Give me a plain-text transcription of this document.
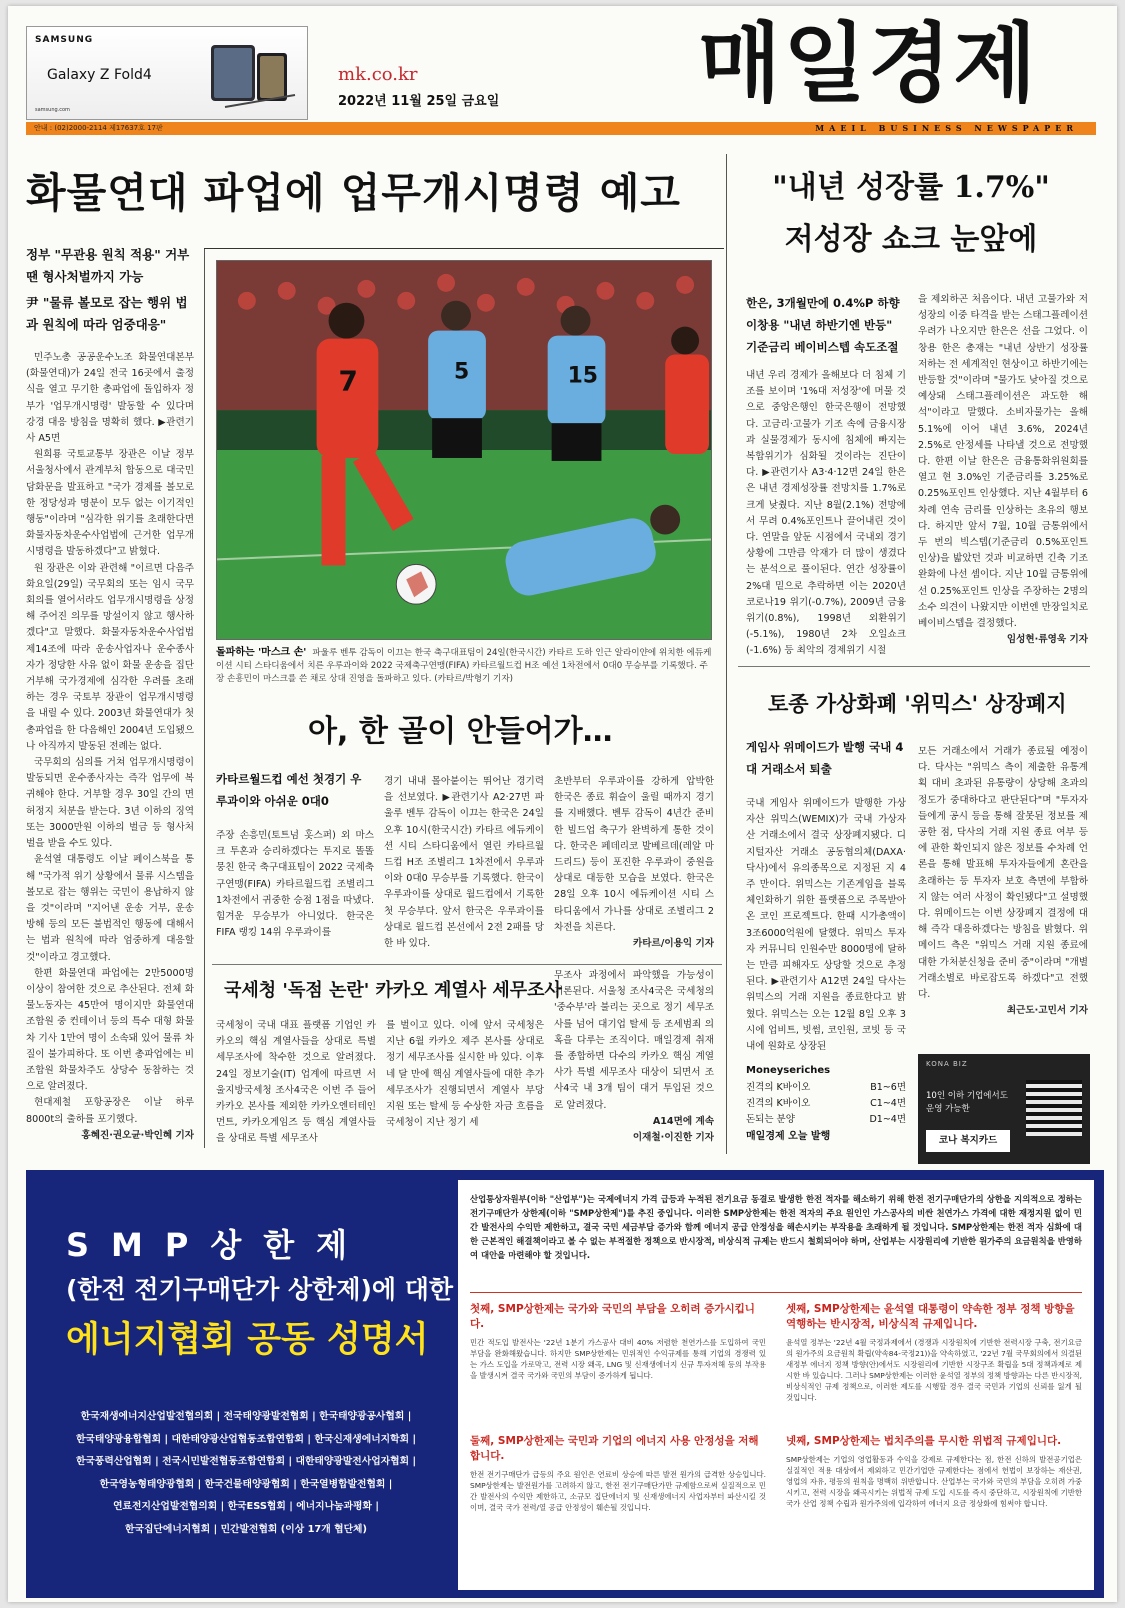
SAMSUNG
Galaxy Z Fold4
samsung.com
mk.co.kr
2022년 11월 25일 금요일 매일경제
안내 : (02)2000-2114 제17637호 17판	MAEIL BUSINESS NEWSPAPER
화물연대 파업에 업무개시명령 예고
정부 "무관용 원칙 적용" 거부땐 형사처벌까지 가능
尹 "물류 볼모로 잡는 행위 법과 원칙에 따라 엄중대응"

민주노총 공공운수노조 화물연대본부(화물연대)가 24일 전국 16곳에서 출정식을 열고 무기한 총파업에 돌입하자 정부가 '업무개시명령' 발동할 수 있다며 강경 대응 방침을 명확히 했다. ▶관련기사 A5면

원희룡 국토교통부 장관은 이날 정부서울청사에서 관계부처 합동으로 대국민 담화문을 발표하고 "국가 경제를 볼모로 한 정당성과 명분이 모두 없는 이기적인 행동"이라며 "심각한 위기를 초래한다면 화물자동차운수사업법에 근거한 업무개시명령을 발동하겠다"고 밝혔다.

원 장관은 이와 관련해 "이르면 다음주 화요일(29일) 국무회의 또는 임시 국무회의를 열어서라도 업무개시명령을 상정해 주어진 의무를 망설이지 않고 행사하겠다"고 말했다. 화물자동차운수사업법 제14조에 따라 운송사업자나 운수종사자가 정당한 사유 없이 화물 운송을 집단 거부해 국가경제에 심각한 우려를 초래하는 경우 국토부 장관이 업무개시명령을 내릴 수 있다. 2003년 화물연대가 첫 총파업을 한 다음해인 2004년 도입됐으나 아직까지 발동된 전례는 없다.

국무회의 심의를 거쳐 업무개시명령이 발동되면 운수종사자는 즉각 업무에 복귀해야 한다. 거부할 경우 30일 간의 면허정지 처분을 받는다. 3년 이하의 징역 또는 3000만원 이하의 벌금 등 형사처벌을 받을 수도 있다.

윤석열 대통령도 이날 페이스북을 통해 "국가적 위기 상황에서 물류 시스템을 볼모로 잡는 행위는 국민이 용납하지 않을 것"이라며 "지어낸 운송 거부, 운송 방해 등의 모든 불법적인 행동에 대해서는 법과 원칙에 따라 엄중하게 대응할 것"이라고 경고했다.

한편 화물연대 파업에는 2만5000명 이상이 참여한 것으로 추산된다. 전체 화물노동자는 45만여 명이지만 화물연대 조합원 중 컨테이너 등의 특수 대형 화물차 기사 1만여 명이 소속돼 있어 물류 차질이 불가피하다. 또 이번 총파업에는 비조합원 화물차주도 상당수 동참하는 것으로 알려졌다.

현대제철 포항공장은 이날 하루 8000t의 출하를 포기했다.

홍혜진·권오균·박인혜 기자
7	5	15
돌파하는 '마스크 손' 파울루 벤투 감독이 이끄는 한국 축구대표팀이 24일(한국시간) 카타르 도하 인근 알라이얀에 위치한 에듀케이션 시티 스타디움에서 치른 우루과이와 2022 국제축구연맹(FIFA) 카타르월드컵 H조 예선 1차전에서 0대0 무승부를 기록했다. 주장 손흥민이 마스크를 쓴 채로 상대 진영을 돌파하고 있다. (카타르/박형기 기자)
아, 한 골이 안들어가…
카타르월드컵 예선 첫경기 우루과이와 아쉬운 0대0
주장 손흥민(토트넘 홋스퍼) 외 마스크 투혼과 승리하겠다는 투지로 똘똘 뭉친 한국 축구대표팀이 2022 국제축구연맹(FIFA) 카타르월드컵 조별리그 1차전에서 귀중한 승점 1점을 따냈다. 힘겨운 무승부가 아니었다. 한국은 FIFA 랭킹 14위 우루과이를
경기 내내 몰아붙이는 뛰어난 경기력을 선보였다. ▶관련기사 A2·27면 파울루 벤투 감독이 이끄는 한국은 24일 오후 10시(한국시간) 카타르 에듀케이션 시티 스타디움에서 열린 카타르월드컵 H조 조별리그 1차전에서 우루과이와 0대0 무승부를 기록했다. 한국이 우루과이를 상대로 월드컵에서 기록한 첫 무승부다. 앞서 한국은 우루과이를 상대로 월드컵 본선에서 2전 2패를 당한 바 있다.
초반부터 우루과이를 강하게 압박한 한국은 종료 휘슬이 울릴 때까지 경기를 지배했다. 벤투 감독이 4년간 준비한 빌드업 축구가 완벽하게 통한 것이다. 한국은 페데리코 발베르데(레알 마드리드) 등이 포진한 우루과이 중원을 상대로 대등한 모습을 보였다. 한국은 28일 오후 10시 에듀케이션 시티 스타디움에서 가나를 상대로 조별리그 2차전을 치른다.
카타르/이용익 기자
국세청 '독점 논란' 카카오 계열사 세무조사
국세청이 국내 대표 플랫폼 기업인 카카오의 핵심 계열사들을 상대로 특별 세무조사에 착수한 것으로 알려졌다. 24일 정보기술(IT) 업계에 따르면 서울지방국세청 조사4국은 이번 주 들어 카카오 본사를 제외한 카카오엔터테인먼트, 카카오게임즈 등 핵심 계열사들을 상대로 특별 세무조사
를 벌이고 있다. 이에 앞서 국세청은 지난 6월 카카오 제주 본사를 상대로 정기 세무조사를 실시한 바 있다. 이후 네 달 만에 핵심 계열사들에 대한 추가 세무조사가 진행되면서 계열사 부당 지원 또는 탈세 등 수상한 자금 흐름을 국세청이 지난 정기 세
무조사 과정에서 파악했을 가능성이 거론된다. 서울청 조사4국은 국세청의 '중수부'라 불리는 곳으로 정기 세무조사를 넘어 대기업 탈세 등 조세범죄 의혹을 다루는 조직이다. 매일경제 취재를 종합하면 다수의 카카오 핵심 계열사가 특별 세무조사 대상이 되면서 조사4국 내 3개 팀이 대거 투입된 것으로 알려졌다.
A14면에 계속
이재철·이진한 기자
"내년 성장률 1.7%"
저성장 쇼크 눈앞에
한은, 3개월만에 0.4%P 하향 이창용 "내년 하반기엔 반등" 기준금리 베이비스텝 속도조절
내년 우리 경제가 올해보다 더 침체 기조를 보이며 '1%대 저성장'에 머물 것으로 중앙은행인 한국은행이 전망했다. 고금리·고물가 기조 속에 금융시장과 실물경제가 동시에 침체에 빠지는 복합위기가 심화될 것이라는 진단이다. ▶관련기사 A3·4·12면 24일 한은은 내년 경제성장률 전망치를 1.7%로 크게 낮췄다. 지난 8월(2.1%) 전망에서 무려 0.4%포인트나 끌어내린 것이다. 연말을 앞둔 시점에서 국내외 경기 상황에 그만큼 악재가 더 많이 생겼다는 분석으로 풀이된다. 연간 성장률이 2%대 밑으로 추락하면 이는 2020년 코로나19 위기(-0.7%), 2009년 금융위기(0.8%), 1998년 외환위기(-5.1%), 1980년 2차 오일쇼크(-1.6%) 등 최악의 경제위기 시절
을 제외하곤 처음이다. 내년 고물가와 저성장의 이중 타격을 받는 스태그플레이션 우려가 나오지만 한은은 선을 그었다. 이창용 한은 총재는 "내년 상반기 성장률 저하는 전 세계적인 현상이고 하반기에는 반등할 것"이라며 "물가도 낮아질 것으로 예상돼 스태그플레이션은 과도한 해석"이라고 말했다. 소비자물가는 올해 5.1%에 이어 내년 3.6%, 2024년 2.5%로 안정세를 나타낼 것으로 전망했다. 한편 이날 한은은 금융통화위원회를 열고 현 3.0%인 기준금리를 3.25%로 0.25%포인트 인상했다. 지난 4월부터 6차례 연속 금리를 인상하는 초유의 행보다. 하지만 앞서 7월, 10월 금통위에서 두 번의 빅스텝(기준금리 0.5%포인트 인상)을 밟았던 것과 비교하면 긴축 기조 완화에 나선 셈이다. 지난 10월 금통위에선 0.25%포인트 인상을 주장하는 2명의 소수 의견이 나왔지만 이번엔 만장일치로 베이비스텝을 결정했다.
임성현·류영욱 기자
토종 가상화폐 '위믹스' 상장폐지
게임사 위메이드가 발행 국내 4대 거래소서 퇴출
국내 게임사 위메이드가 발행한 가상자산 위믹스(WEMIX)가 국내 가상자산 거래소에서 결국 상장폐지됐다. 디지털자산 거래소 공동협의체(DAXA·닥사)에서 유의종목으로 지정된 지 4주 만이다. 위믹스는 기존게임을 블록체인화하기 위한 플랫폼으로 주목받아온 코인 프로젝트다. 한때 시가총액이 3조6000억원에 달했다. 위믹스 투자자 커뮤니티 인원수만 8000명에 달하는 만큼 피해자도 상당할 것으로 추정된다. ▶관련기사 A12면 24일 닥사는 위믹스의 거래 지원을 종료한다고 밝혔다. 위믹스는 오는 12월 8일 오후 3시에 업비트, 빗썸, 코인원, 코빗 등 국내에 원화로 상장된
모든 거래소에서 거래가 종료될 예정이다. 닥사는 "위믹스 측이 제출한 유통계획 대비 초과된 유통량이 상당해 초과의 정도가 중대하다고 판단된다"며 "투자자들에게 공시 등을 통해 잘못된 정보를 제공한 점, 닥사의 거래 지원 종료 여부 등에 관한 확인되지 않은 정보를 수차례 언론을 통해 발표해 투자자들에게 혼란을 초래하는 등 투자자 보호 측면에 부합하지 않는 여러 사정이 확인됐다"고 설명했다. 위메이드는 이번 상장폐지 결정에 대해 즉각 대응하겠다는 방침을 밝혔다. 위메이드 측은 "위믹스 거래 지원 종료에 대한 가처분신청을 준비 중"이라며 "개별 거래소별로 바로잡도록 하겠다"고 전했다.
최근도·고민서 기자
Moneyseriches
진격의 K바이오	B1~6면
진격의 K바이오	C1~4면
돈되는 분양	D1~4면
매일경제 오늘 발행
KONA BIZ
10인 이하 기업에서도 운영 가능한
코나 복지카드
SMP상한제
(한전 전기구매단가 상한제)에 대한
에너지협회 공동 성명서
한국재생에너지산업발전협의회 | 전국태양광발전협회 | 한국태양광공사협회 |
한국태양광융합협회 | 대한태양광산업협동조합연합회 | 한국신재생에너지학회 |
한국풍력산업협회 | 전국시민발전협동조합연합회 | 대한태양광발전사업자협회 |
한국영농형태양광협회 | 한국건물태양광협회 | 한국열병합발전협회 |
연료전지산업발전협의회 | 한국ESS협회 | 에너지나눔과평화 |
한국집단에너지협회 | 민간발전협회 (이상 17개 협단체)
산업통상자원부(이하 "산업부")는 국제에너지 가격 급등과 누적된 전기요금 동결로 발생한 한전 적자를 해소하기 위해 한전 전기구매단가의 상한을 지의적으로 정하는 전기구매단가 상한제(이하 "SMP상한제")를 추진 중입니다. 이러한 SMP상한제는 한전 적자의 주요 원인인 가스공사의 비싼 천연가스 가격에 대한 재정지원 없이 민간 발전사의 수익만 제한하고, 결국 국민 세금부담 증가와 함께 에너지 공급 안정성을 해손시키는 부작용을 초래하게 될 것입니다. SMP상한제는 한전 적자 심화에 대한 근본적인 해결책이라고 볼 수 없는 부적절한 정책으로 반시장적, 비상식적 규제는 반드시 철회되어야 하며, 산업부는 시장원리에 기반한 원가주의 요금원칙을 반영하여 대안을 마련해야 할 것입니다.
첫째, SMP상한제는 국가와 국민의 부담을 오히려 증가시킵니다.
민간 적도입 발전사는 '22년 1분기 가스공사 대비 40% 저렴한 천연가스를 도입하여 국민 부담을 완화해왔습니다. 하지만 SMP상한제는 민위적인 수익규제를 통해 기업의 경쟁력 있는 가스 도입을 가로막고, 전력 시장 왜곡, LNG 및 신재생에너지 신규 투자저해 등의 부작용을 발생시켜 결국 국가와 국민의 부담이 증가하게 됩니다.
셋째, SMP상한제는 윤석열 대통령이 약속한 정부 정책 방향을 역행하는 반시장적, 비상식적 규제입니다.
윤석열 정부는 '22년 4월 국정과제에서 (경쟁과 시장원칙에 기반한 전력시장 구축, 전기요금의 원가주의 요금원칙 확립(약속84-국정21))을 약속하였고, '22년 7월 국무회의에서 의결된 새정부 에너지 정책 방향(안)에서도 시장원리에 기반한 시장구조 확립을 5대 정책과제로 제시한 바 있습니다. 그러나 SMP상한제는 이러한 윤석열 정부의 정책 방향과는 다른 반시장적, 비상식적인 규제 정책으로, 이러한 제도를 시행할 경우 결국 국민과 기업의 신뢰를 잃게 될 것입니다.
둘째, SMP상한제는 국민과 기업의 에너지 사용 안정성을 저해합니다.
한전 전기구매단가 급등의 주요 원인은 연료비 상승에 따른 발전 원가의 급격한 상승입니다. SMP상한제는 발전원가를 고려하지 않고, 한전 전기구매단가만 규제함으로써 실질적으로 민간 발전사의 수익만 제한하고, 소규모 집단에너지 및 신재생에너지 사업자부터 파산시킬 것이며, 결국 국가 전력/열 공급 안정성이 훼손될 것입니다.
넷째, SMP상한제는 법치주의를 무시한 위법적 규제입니다.
SMP상한제는 기업의 영업활동과 수익을 강제로 규제한다는 점, 한전 신하의 발전공기업은 실질적인 적용 대상에서 제외하고 민간기업만 규제한다는 점에서 헌법이 보장하는 재산권, 영업의 자유, 평등의 원칙을 명백히 위반합니다. 산업부는 국가와 국민의 부담을 오히려 가중시키고, 전력 시장을 왜곡시키는 위법적 규제 도입 시도를 즉시 중단하고, 시장원칙에 기반한 국가 산업 정책 수립과 원가주의에 입각하여 에너지 요금 정상화에 힘써야 합니다.
